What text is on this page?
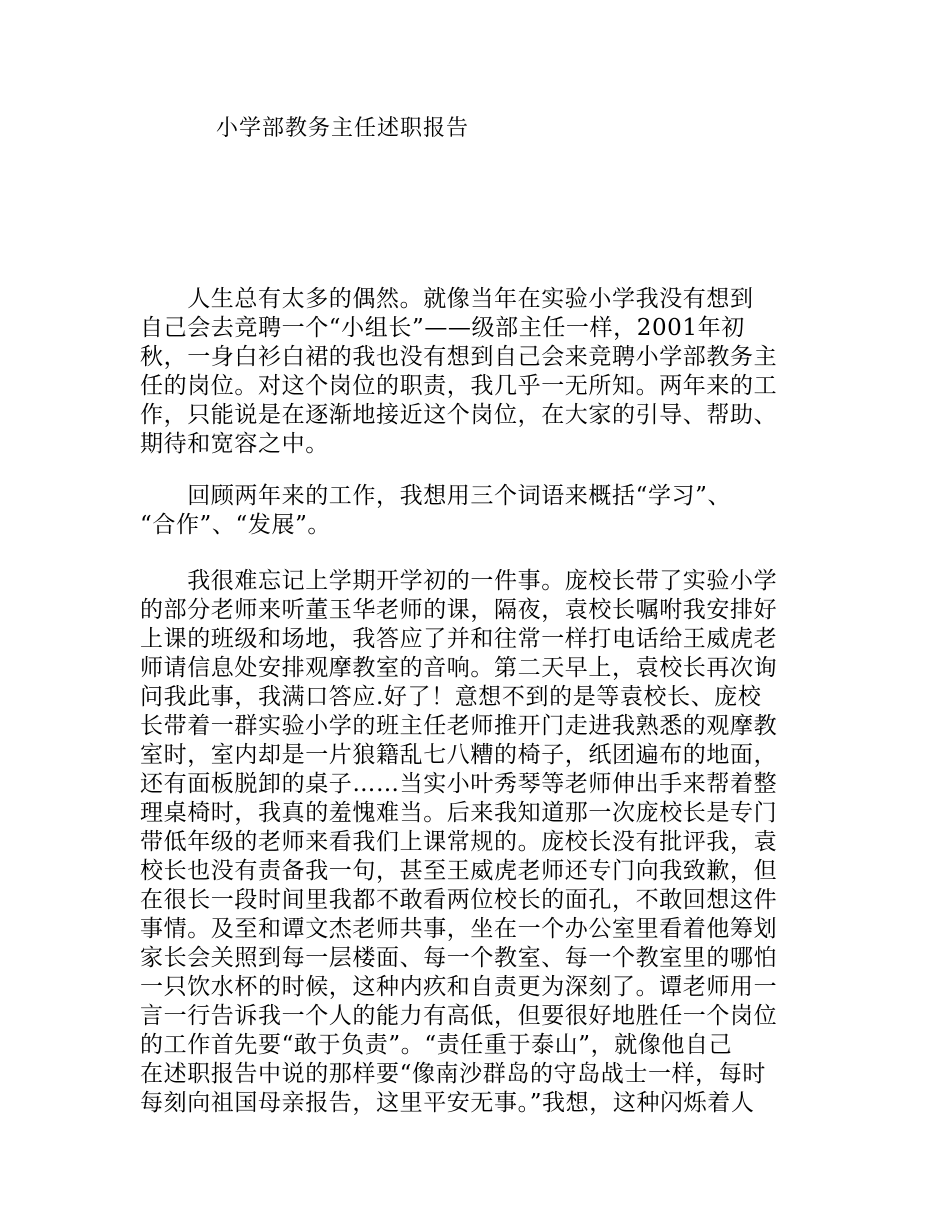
小学部教务主任述职报告
　　人生总有太多的偶然。就像当年在实验小学我没有想到
自己会去竞聘一个“小组长”——级部主任一样，2001年初
秋，一身白衫白裙的我也没有想到自己会来竞聘小学部教务主
任的岗位。对这个岗位的职责，我几乎一无所知。两年来的工
作，只能说是在逐渐地接近这个岗位，在大家的引导、帮助、
期待和宽容之中。
　　回顾两年来的工作，我想用三个词语来概括“学习”、
“合作”、“发展”。
　　我很难忘记上学期开学初的一件事。庞校长带了实验小学
的部分老师来听董玉华老师的课，隔夜，袁校长嘱咐我安排好
上课的班级和场地，我答应了并和往常一样打电话给王威虎老
师请信息处安排观摩教室的音响。第二天早上，袁校长再次询
问我此事，我满口答应.好了！意想不到的是等袁校长、庞校
长带着一群实验小学的班主任老师推开门走进我熟悉的观摩教
室时，室内却是一片狼籍乱七八糟的椅子，纸团遍布的地面，
还有面板脱卸的桌子……当实小叶秀琴等老师伸出手来帮着整
理桌椅时，我真的羞愧难当。后来我知道那一次庞校长是专门
带低年级的老师来看我们上课常规的。庞校长没有批评我，袁
校长也没有责备我一句，甚至王威虎老师还专门向我致歉，但
在很长一段时间里我都不敢看两位校长的面孔，不敢回想这件
事情。及至和谭文杰老师共事，坐在一个办公室里看着他筹划
家长会关照到每一层楼面、每一个教室、每一个教室里的哪怕
一只饮水杯的时候，这种内疚和自责更为深刻了。谭老师用一
言一行告诉我一个人的能力有高低，但要很好地胜任一个岗位
的工作首先要“敢于负责”。“责任重于泰山”，就像他自己
在述职报告中说的那样要“像南沙群岛的守岛战士一样，每时
每刻向祖国母亲报告，这里平安无事。”我想，这种闪烁着人
